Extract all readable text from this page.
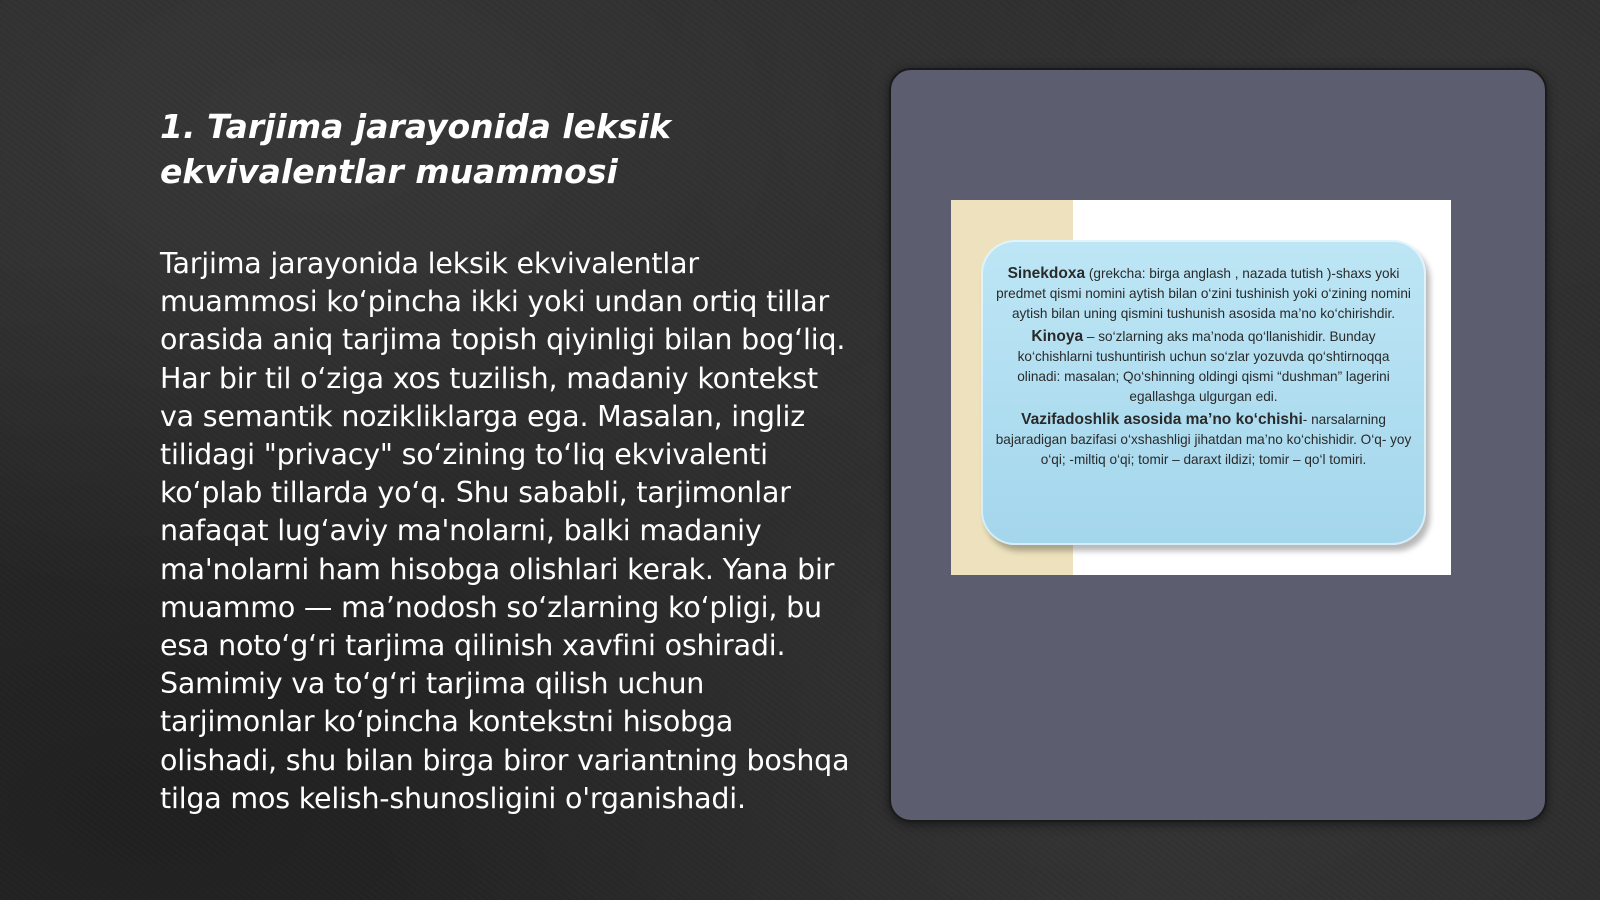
1. Tarjima jarayonida leksik ekvivalentlar muammosi

Tarjima jarayonida leksik ekvivalentlar muammosi ko‘pincha ikki yoki undan ortiq tillar orasida aniq tarjima topish qiyinligi bilan bog‘liq. Har bir til o‘ziga xos tuzilish, madaniy kontekst va semantik nozikliklarga ega. Masalan, ingliz tilidagi "privacy" so‘zining to‘liq ekvivalenti ko‘plab tillarda yo‘q. Shu sababli, tarjimonlar nafaqat lug‘aviy ma'nolarni, balki madaniy ma'nolarni ham hisobga olishlari kerak. Yana bir muammo — ma’nodosh so‘zlarning ko‘pligi, bu esa noto‘g‘ri tarjima qilinish xavfini oshiradi. Samimiy va to‘g‘ri tarjima qilish uchun tarjimonlar ko‘pincha kontekstni hisobga olishadi, shu bilan birga biror variantning boshqa tilga mos kelish-shunosligini o'rganishadi.

Sinekdoxa (grekcha: birga anglash , nazada tutish )-shaxs yoki predmet qismi nomini aytish bilan o‘zini tushinish yoki o‘zining nomini aytish bilan uning qismini tushunish asosida ma’no ko‘chirishdir.

Kinoya – so‘zlarning aks ma’noda qo‘llanishidir. Bunday ko‘chishlarni tushuntirish uchun so‘zlar yozuvda qo‘shtirnoqqa olinadi: masalan; Qo‘shinning oldingi qismi “dushman” lagerini egallashga ulgurgan edi.

Vazifadoshlik asosida ma’no ko‘chishi- narsalarning bajaradigan bazifasi o‘xshashligi jihatdan ma’no ko‘chishidir. O‘q- yoy o‘qi; -miltiq o‘qi; tomir – daraxt ildizi; tomir – qo‘l tomiri.
